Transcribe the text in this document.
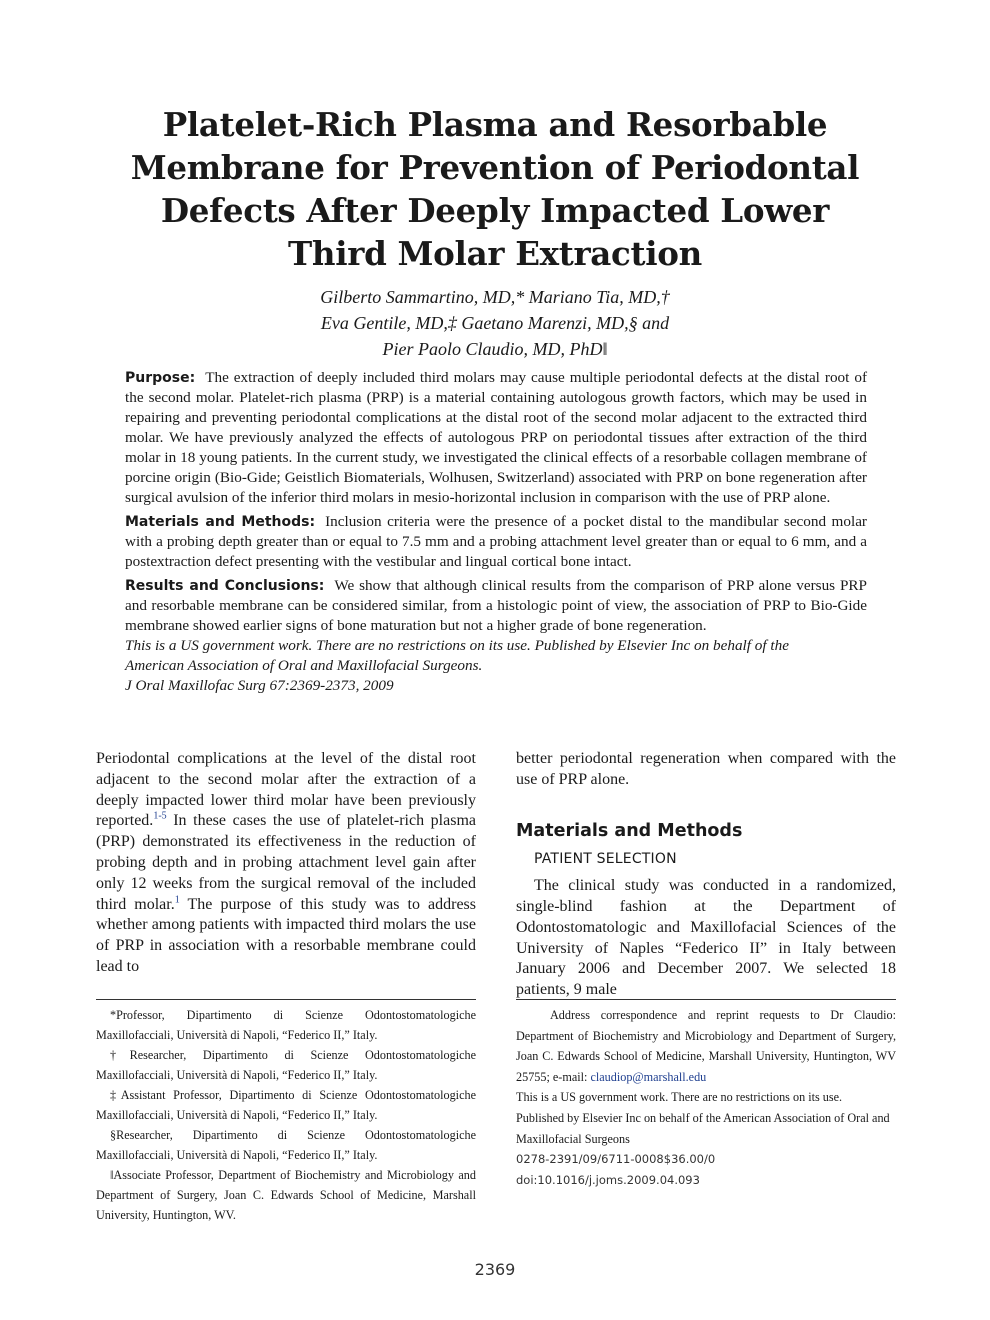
Platelet-Rich Plasma and Resorbable
Membrane for Prevention of Periodontal
Defects After Deeply Impacted Lower
Third Molar Extraction
Gilberto Sammartino, MD,* Mariano Tia, MD,†
Eva Gentile, MD,‡ Gaetano Marenzi, MD,§ and
Pier Paolo Claudio, MD, PhD‖

Purpose: The extraction of deeply included third molars may cause multiple periodontal defects at the distal root of the second molar. Platelet-rich plasma (PRP) is a material containing autologous growth factors, which may be used in repairing and preventing periodontal complications at the distal root of the second molar adjacent to the extracted third molar. We have previously analyzed the effects of autologous PRP on periodontal tissues after extraction of the third molar in 18 young patients. In the current study, we investigated the clinical effects of a resorbable collagen membrane of porcine origin (Bio-Gide; Geistlich Biomaterials, Wolhusen, Switzerland) associated with PRP on bone regeneration after surgical avulsion of the inferior third molars in mesio-horizontal inclusion in comparison with the use of PRP alone.

Materials and Methods: Inclusion criteria were the presence of a pocket distal to the mandibular second molar with a probing depth greater than or equal to 7.5 mm and a probing attachment level greater than or equal to 6 mm, and a postextraction defect presenting with the vestibular and lingual cortical bone intact.

Results and Conclusions: We show that although clinical results from the comparison of PRP alone versus PRP and resorbable membrane can be considered similar, from a histologic point of view, the association of PRP to Bio-Gide membrane showed earlier signs of bone maturation but not a higher grade of bone regeneration.

This is a US government work. There are no restrictions on its use. Published by Elsevier Inc on behalf of the
American Association of Oral and Maxillofacial Surgeons.

J Oral Maxillofac Surg 67:2369-2373, 2009

Periodontal complications at the level of the distal root adjacent to the second molar after the extraction of a deeply impacted lower third molar have been previously reported.$^{1-5}$ In these cases the use of platelet-rich plasma (PRP) demonstrated its effectiveness in the reduction of probing depth and in probing attachment level gain after only 12 weeks from the surgical removal of the included third molar.$^1$ The purpose of this study was to address whether among patients with impacted third molars the use of PRP in association with a resorbable membrane could lead to

better periodontal regeneration when compared with the use of PRP alone.

Materials and Methods
PATIENT SELECTION

The clinical study was conducted in a randomized, single-blind fashion at the Department of Odontostomatologic and Maxillofacial Sciences of the University of Naples “Federico II” in Italy between January 2006 and December 2007. We selected 18 patients, 9 male

*Professor, Dipartimento di Scienze Odontostomatologiche Maxillofacciali, Università di Napoli, “Federico II,” Italy.

†Researcher, Dipartimento di Scienze Odontostomatologiche Maxillofacciali, Università di Napoli, “Federico II,” Italy.

‡Assistant Professor, Dipartimento di Scienze Odontostomatologiche Maxillofacciali, Università di Napoli, “Federico II,” Italy.

§Researcher, Dipartimento di Scienze Odontostomatologiche Maxillofacciali, Università di Napoli, “Federico II,” Italy.

‖Associate Professor, Department of Biochemistry and Microbiology and Department of Surgery, Joan C. Edwards School of Medicine, Marshall University, Huntington, WV.

Address correspondence and reprint requests to Dr Claudio: Department of Biochemistry and Microbiology and Department of Surgery, Joan C. Edwards School of Medicine, Marshall University, Huntington, WV 25755; e-mail: claudiop@marshall.edu

This is a US government work. There are no restrictions on its use.

Published by Elsevier Inc on behalf of the American Association of Oral and Maxillofacial Surgeons

0278-2391/09/6711-0008$36.00/0

doi:10.1016/j.joms.2009.04.093

2369
